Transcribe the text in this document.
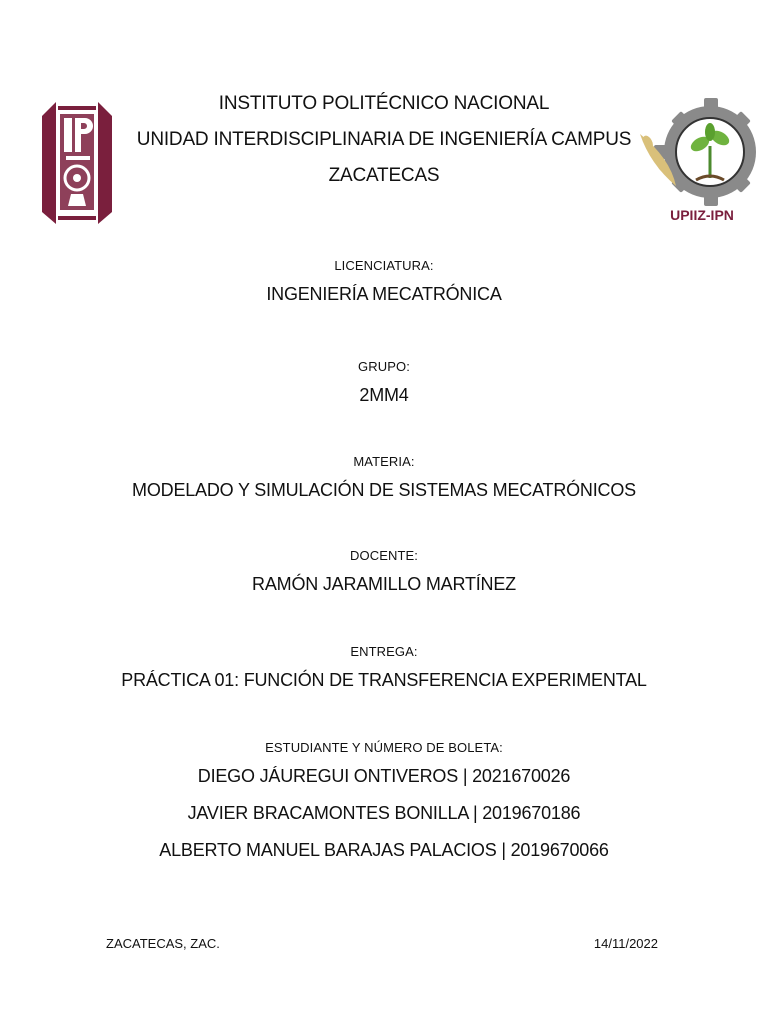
UPIIZ-IPN

INSTITUTO POLITÉCNICO NACIONAL

UNIDAD INTERDISCIPLINARIA DE INGENIERÍA CAMPUS

ZACATECAS

LICENCIATURA:
INGENIERÍA MECATRÓNICA
GRUPO:
2MM4
MATERIA:
MODELADO Y SIMULACIÓN DE SISTEMAS MECATRÓNICOS
DOCENTE:
RAMÓN JARAMILLO MARTÍNEZ
ENTREGA:
PRÁCTICA 01: FUNCIÓN DE TRANSFERENCIA EXPERIMENTAL
ESTUDIANTE Y NÚMERO DE BOLETA:
DIEGO JÁUREGUI ONTIVEROS | 2021670026
JAVIER BRACAMONTES BONILLA | 2019670186
ALBERTO MANUEL BARAJAS PALACIOS | 2019670066
ZACATECAS, ZAC.	14/11/2022
